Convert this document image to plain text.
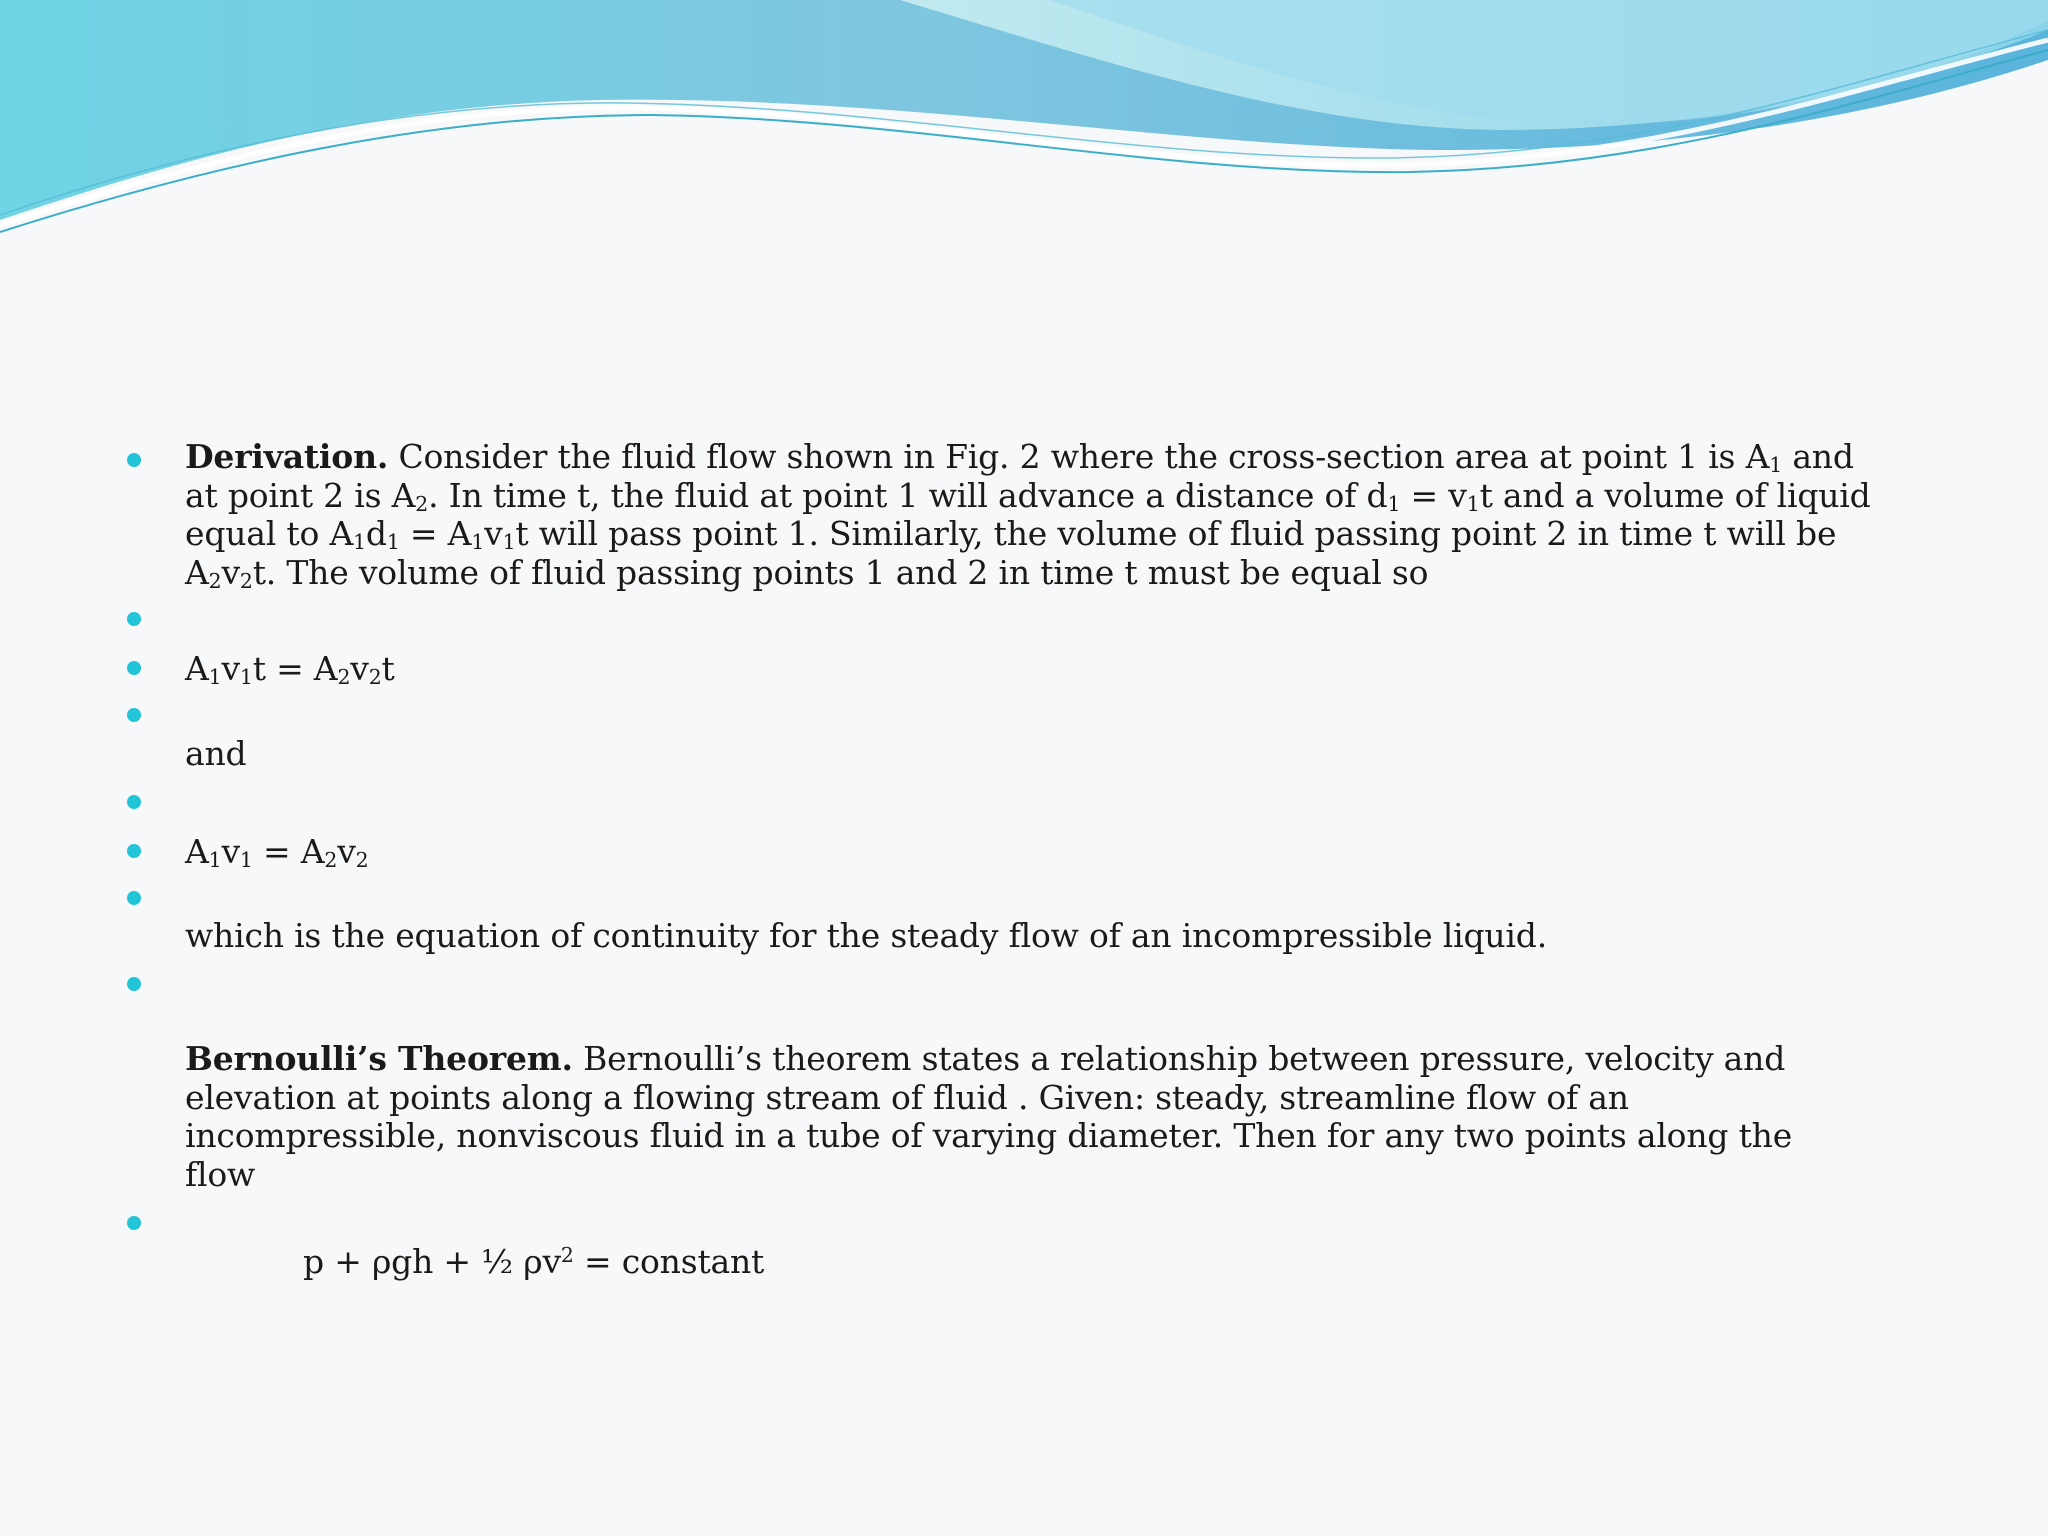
Derivation. Consider the fluid flow shown in Fig. 2 where the cross-section area at point 1 is $A_1$ and
at point 2 is $A_2$. In time t, the fluid at point 1 will advance a distance of $d_1 = v_1t$ and a volume of liquid
equal to $A_1d_1 = A_1v_1t$ will pass point 1. Similarly, the volume of fluid passing point 2 in time t will be
$A_2v_2t$. The volume of fluid passing points 1 and 2 in time t must be equal so
$A_1v_1t = A_2v_2t$
and
$A_1v_1 = A_2v_2$
which is the equation of continuity for the steady flow of an incompressible liquid.
Bernoulli’s Theorem. Bernoulli’s theorem states a relationship between pressure, velocity and
elevation at points along a flowing stream of fluid . Given: steady, streamline flow of an
incompressible, nonviscous fluid in a tube of varying diameter. Then for any two points along the
flow
p + ρgh + ½ $\rho v^2$ = constant
